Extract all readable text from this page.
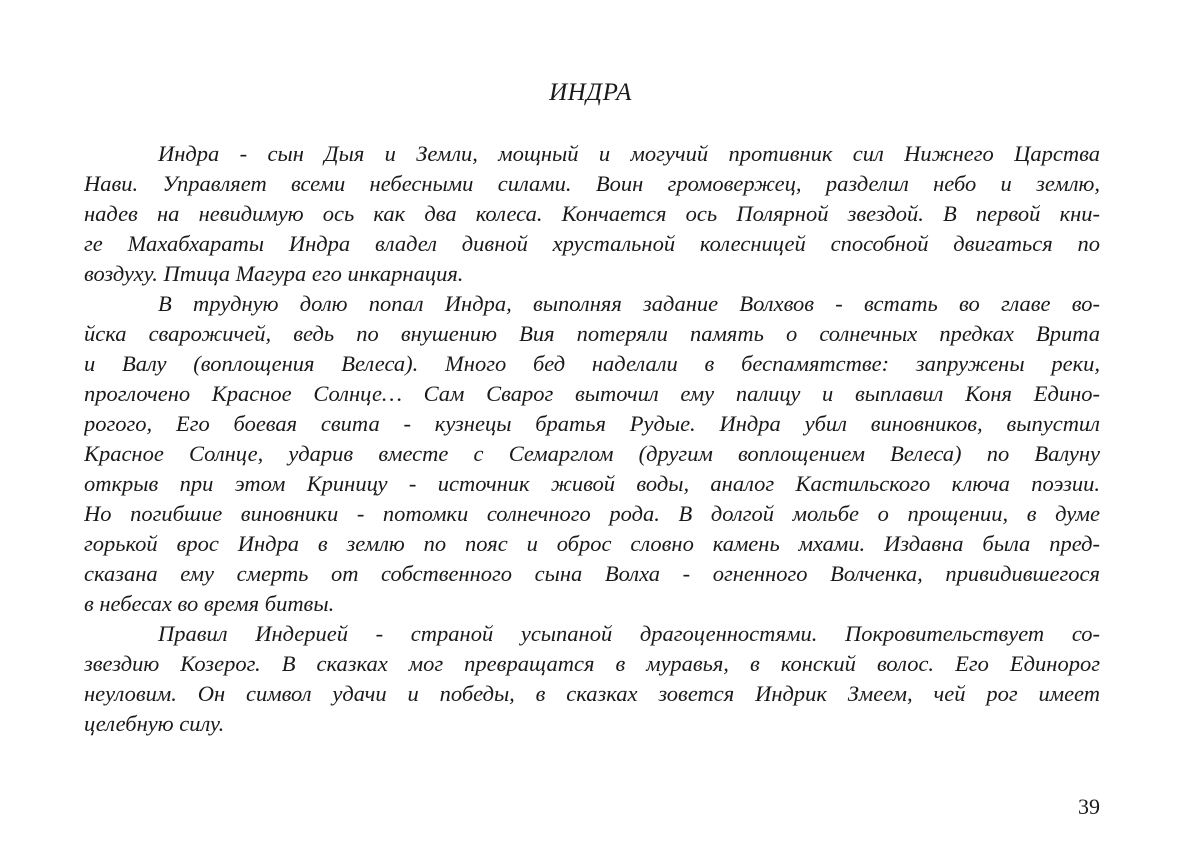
ИНДРА
Индра - сын Дыя и Земли, мощный и могучий противник сил Нижнего Царства
Нави. Управляет всеми небесными силами. Воин громовержец, разделил небо и землю,
надев на невидимую ось как два колеса. Кончается ось Полярной звездой. В первой кни-
ге Махабхараты Индра владел дивной хрустальной колесницей способной двигаться по
воздуху. Птица Магура его инкарнация.
В трудную долю попал Индра, выполняя задание Волхвов - встать во главе во-
йска сварожичей, ведь по внушению Вия потеряли память о солнечных предках Врита
и Валу (воплощения Велеса). Много бед наделали в беспамятстве: запружены реки,
проглочено Красное Солнце… Сам Сварог выточил ему палицу и выплавил Коня Едино-
рогого, Его боевая свита - кузнецы братья Рудые. Индра убил виновников, выпустил
Красное Солнце, ударив вместе с Семарглом (другим воплощением Велеса) по Валуну
открыв при этом Криницу - источник живой воды, аналог Кастильского ключа поэзии.
Но погибшие виновники - потомки солнечного рода. В долгой мольбе о прощении, в думе
горькой врос Индра в землю по пояс и оброс словно камень мхами. Издавна была пред-
сказана ему смерть от собственного сына Волха - огненного Волченка, привидившегося
в небесах во время битвы.
Правил Индерией - страной усыпаной драгоценностями. Покровительствует со-
звездию Козерог. В сказках мог превращатся в муравья, в конский волос. Его Единорог
неуловим. Он символ удачи и победы, в сказках зовется Индрик Змеем, чей рог имеет
целебную силу.
39
